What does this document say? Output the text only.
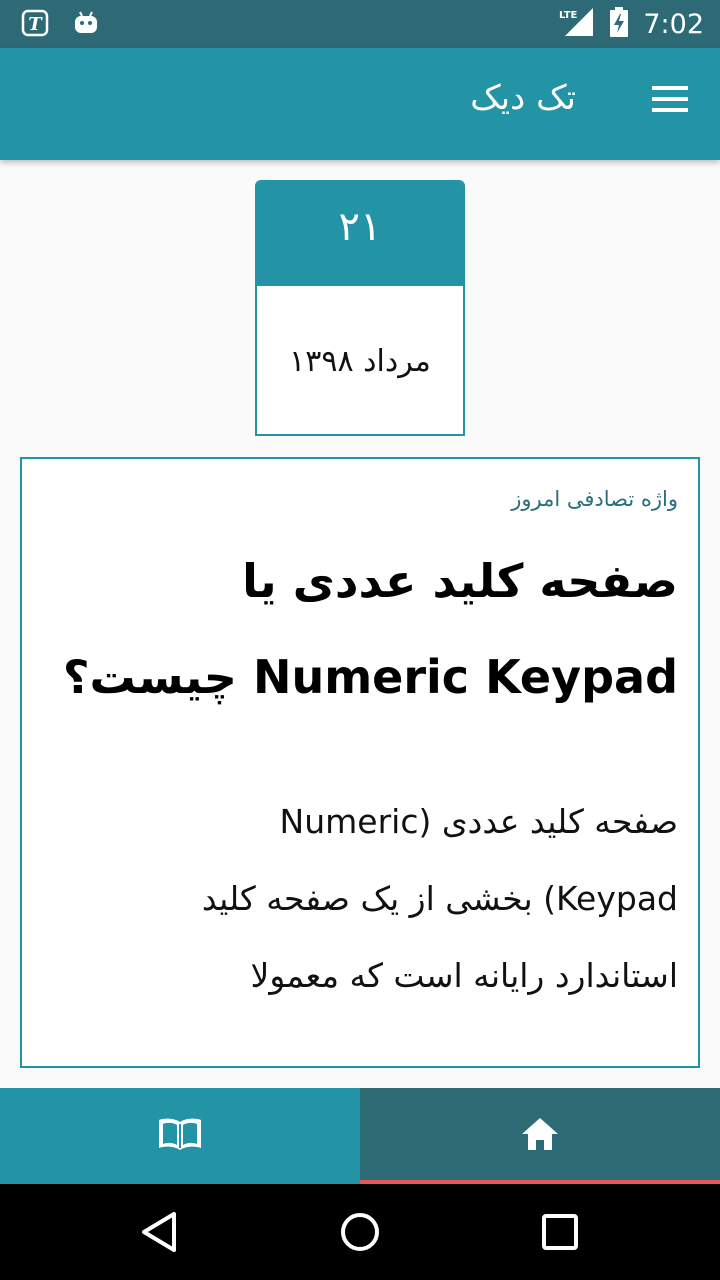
T	LTE 7:02
تک دیک
۲۱
مرداد ۱۳۹۸
واژه تصادفی امروز
صفحه کلید عددی یا
Numeric Keypad چیست؟
صفحه کلید عددی (Numeric
Keypad) بخشی از یک صفحه کلید
استاندارد رایانه است که معمولا
